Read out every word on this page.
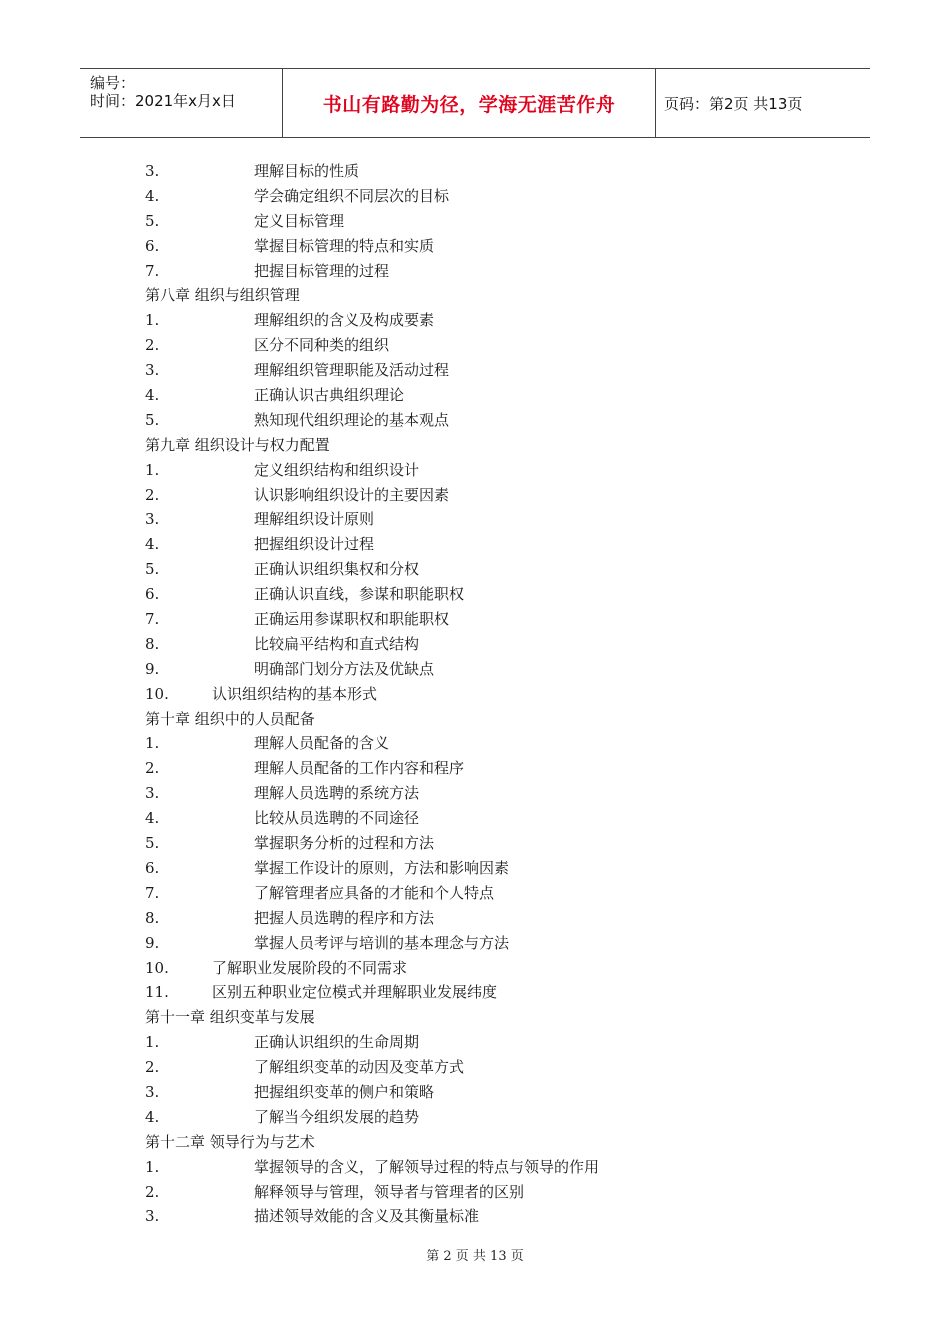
编号：
时间：2021年x月x日	书山有路勤为径，学海无涯苦作舟	页码：第2页 共13页
3.	理解目标的性质
4.	学会确定组织不同层次的目标
5.	定义目标管理
6.	掌握目标管理的特点和实质
7.	把握目标管理的过程
第八章 组织与组织管理
1.	理解组织的含义及构成要素
2.	区分不同种类的组织
3.	理解组织管理职能及活动过程
4.	正确认识古典组织理论
5.	熟知现代组织理论的基本观点
第九章 组织设计与权力配置
1.	定义组织结构和组织设计
2.	认识影响组织设计的主要因素
3.	理解组织设计原则
4.	把握组织设计过程
5.	正确认识组织集权和分权
6.	正确认识直线，参谋和职能职权
7.	正确运用参谋职权和职能职权
8.	比较扁平结构和直式结构
9.	明确部门划分方法及优缺点
10.	认识组织结构的基本形式
第十章 组织中的人员配备
1.	理解人员配备的含义
2.	理解人员配备的工作内容和程序
3.	理解人员选聘的系统方法
4.	比较从员选聘的不同途径
5.	掌握职务分析的过程和方法
6.	掌握工作设计的原则，方法和影响因素
7.	了解管理者应具备的才能和个人特点
8.	把握人员选聘的程序和方法
9.	掌握人员考评与培训的基本理念与方法
10.	了解职业发展阶段的不同需求
11.	区别五种职业定位模式并理解职业发展纬度
第十一章 组织变革与发展
1.	正确认识组织的生命周期
2.	了解组织变革的动因及变革方式
3.	把握组织变革的侧户和策略
4.	了解当今组织发展的趋势
第十二章 领导行为与艺术
1.	掌握领导的含义，了解领导过程的特点与领导的作用
2.	解释领导与管理，领导者与管理者的区别
3.	描述领导效能的含义及其衡量标准
第 2 页 共 13 页
